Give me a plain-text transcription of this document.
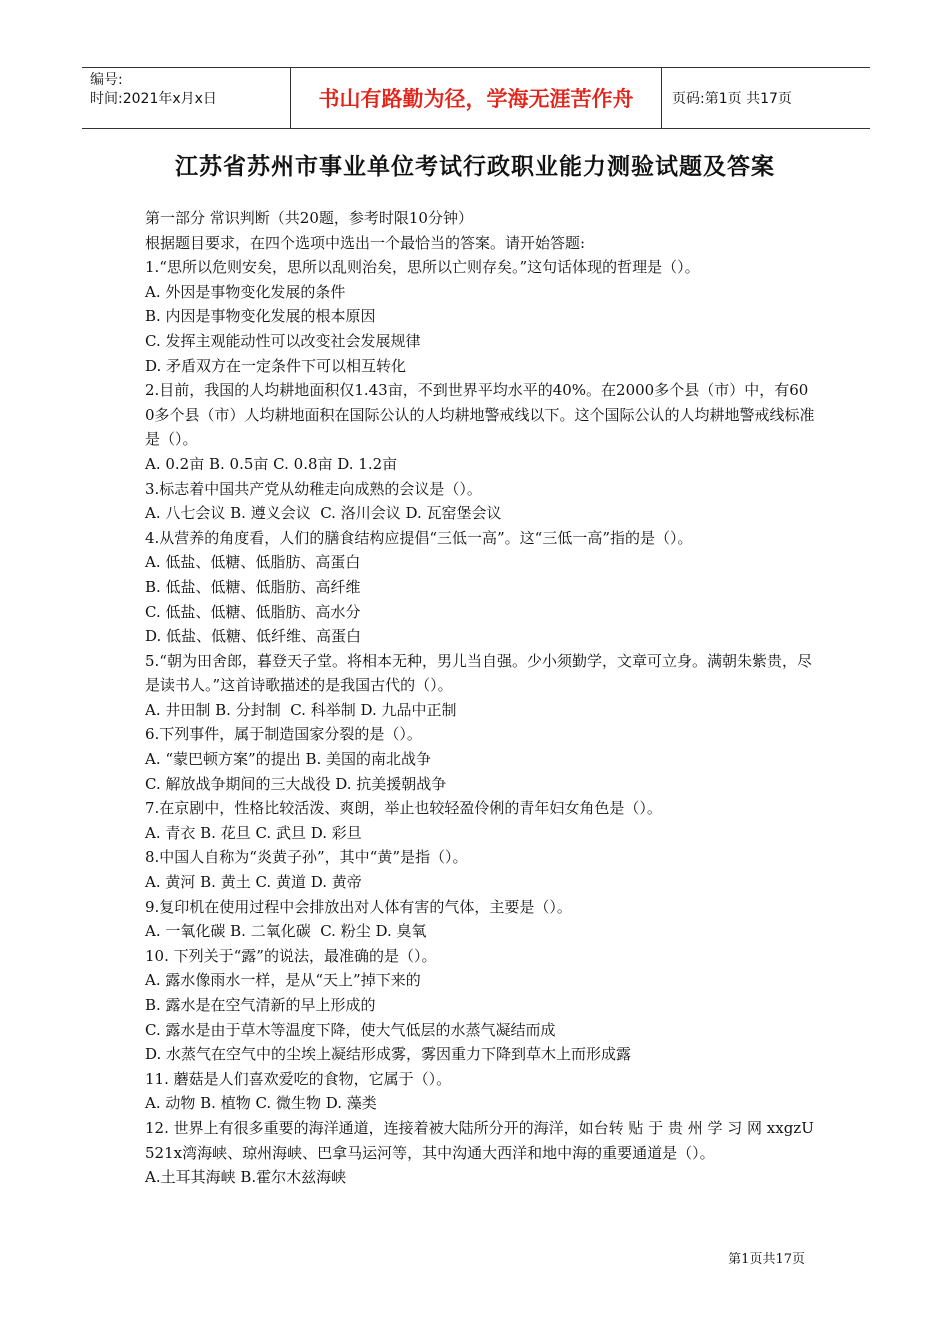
编号:
时间:2021年x月x日	书山有路勤为径，学海无涯苦作舟	页码:第1页 共17页
江苏省苏州市事业单位考试行政职业能力测验试题及答案
第一部分 常识判断（共20题，参考时限10分钟）
根据题目要求，在四个选项中选出一个最恰当的答案。请开始答题:
1.“思所以危则安矣，思所以乱则治矣，思所以亡则存矣。”这句话体现的哲理是（）。
A. 外因是事物变化发展的条件
B. 内因是事物变化发展的根本原因
C. 发挥主观能动性可以改变社会发展规律
D. 矛盾双方在一定条件下可以相互转化
2.目前，我国的人均耕地面积仅1.43亩，不到世界平均水平的40%。在2000多个县（市）中，有600多个县（市）人均耕地面积在国际公认的人均耕地警戒线以下。这个国际公认的人均耕地警戒线标准是（）。
A. 0.2亩 B. 0.5亩 C. 0.8亩 D. 1.2亩
3.标志着中国共产党从幼稚走向成熟的会议是（）。
A. 八七会议 B. 遵义会议  C. 洛川会议 D. 瓦窑堡会议
4.从营养的角度看，人们的膳食结构应提倡“三低一高”。这“三低一高”指的是（）。
A. 低盐、低糖、低脂肪、高蛋白
B. 低盐、低糖、低脂肪、高纤维
C. 低盐、低糖、低脂肪、高水分
D. 低盐、低糖、低纤维、高蛋白
5.“朝为田舍郎，暮登天子堂。将相本无种，男儿当自强。少小须勤学，文章可立身。满朝朱紫贵，尽是读书人。”这首诗歌描述的是我国古代的（）。
A. 井田制 B. 分封制  C. 科举制 D. 九品中正制
6.下列事件，属于制造国家分裂的是（）。
A. “蒙巴顿方案”的提出 B. 美国的南北战争
C. 解放战争期间的三大战役 D. 抗美援朝战争
7.在京剧中，性格比较活泼、爽朗，举止也较轻盈伶俐的青年妇女角色是（）。
A. 青衣 B. 花旦 C. 武旦 D. 彩旦
8.中国人自称为“炎黄子孙”，其中“黄”是指（）。
A. 黄河 B. 黄土 C. 黄道 D. 黄帝
9.复印机在使用过程中会排放出对人体有害的气体，主要是（）。
A. 一氧化碳 B. 二氧化碳  C. 粉尘 D. 臭氧
10. 下列关于“露”的说法，最准确的是（）。
A. 露水像雨水一样，是从“天上”掉下来的
B. 露水是在空气清新的早上形成的
C. 露水是由于草木等温度下降，使大气低层的水蒸气凝结而成
D. 水蒸气在空气中的尘埃上凝结形成雾，雾因重力下降到草木上而形成露
11. 蘑菇是人们喜欢爱吃的食物，它属于（）。
A. 动物 B. 植物 C. 微生物 D. 藻类
12. 世界上有很多重要的海洋通道，连接着被大陆所分开的海洋，如台转 贴 于 贵 州 学 习 网 xxgzU521x湾海峡、琼州海峡、巴拿马运河等，其中沟通大西洋和地中海的重要通道是（）。
A.土耳其海峡 B.霍尔木兹海峡
第1页共17页
